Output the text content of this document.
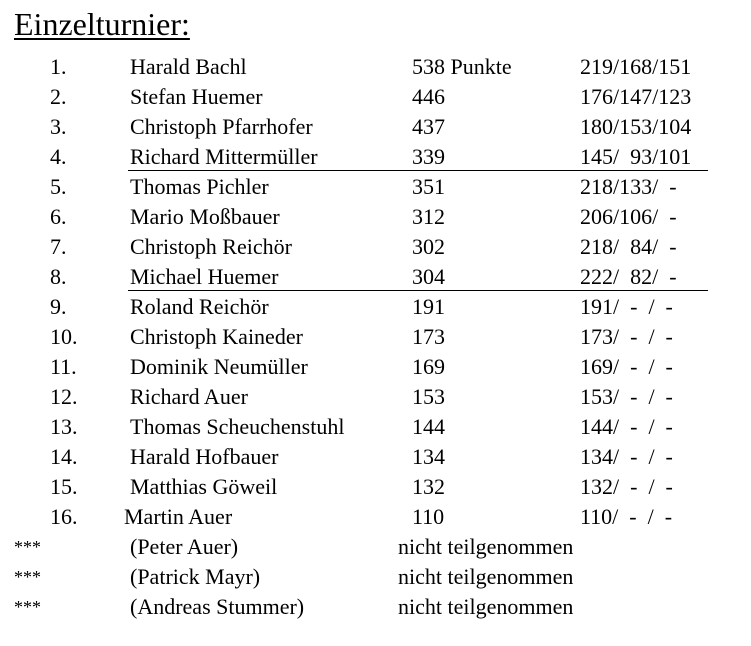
Einzelturnier:
1.	Harald Bachl	538 Punkte	219/168/151
2.	Stefan Huemer	446	176/147/123
3.	Christoph Pfarrhofer	437	180/153/104
4.	Richard Mittermüller	339	145/  93/101
5.	Thomas Pichler	351	218/133/  -
6.	Mario Moßbauer	312	206/106/  -
7.	Christoph Reichör	302	218/  84/  -
8.	Michael Huemer	304	222/  82/  -
9.	Roland Reichör	191	191/  -  /  -
10. Christoph Kaineder	173	173/  -  /  -
11. Dominik Neumüller	169	169/  -  /  -
12. Richard Auer	153	153/  -  /  -
13. Thomas Scheuchenstuhl	144	144/  -  /  -
14. Harald Hofbauer	134	134/  -  /  -
15. Matthias Göweil	132	132/  -  /  -
16. Martin Auer	110	110/  -  /  -
***	(Peter Auer)	nicht teilgenommen
***	(Patrick Mayr)	nicht teilgenommen
***	(Andreas Stummer)	nicht teilgenommen
